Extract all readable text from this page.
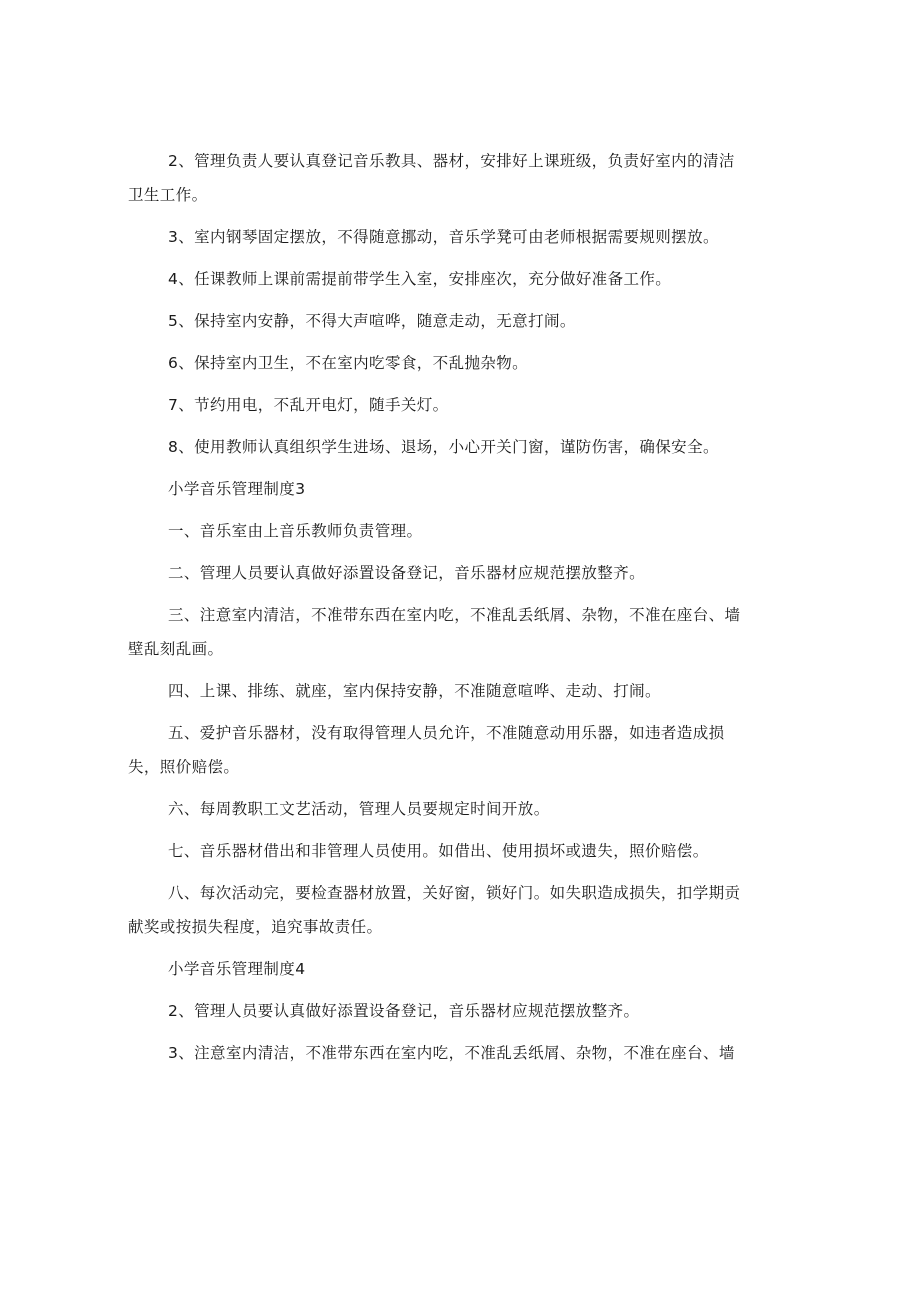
2、管理负责人要认真登记音乐教具、器材，安排好上课班级，负责好室内的清洁
卫生工作。

3、室内钢琴固定摆放，不得随意挪动，音乐学凳可由老师根据需要规则摆放。

4、任课教师上课前需提前带学生入室，安排座次，充分做好准备工作。

5、保持室内安静，不得大声喧哗，随意走动，无意打闹。

6、保持室内卫生，不在室内吃零食，不乱抛杂物。

7、节约用电，不乱开电灯，随手关灯。

8、使用教师认真组织学生进场、退场，小心开关门窗，谨防伤害，确保安全。

小学音乐管理制度3

一、音乐室由上音乐教师负责管理。

二、管理人员要认真做好添置设备登记，音乐器材应规范摆放整齐。

三、注意室内清洁，不准带东西在室内吃，不准乱丢纸屑、杂物，不准在座台、墙
壁乱刻乱画。

四、上课、排练、就座，室内保持安静，不准随意喧哗、走动、打闹。

五、爱护音乐器材，没有取得管理人员允许，不准随意动用乐器，如违者造成损
失，照价赔偿。

六、每周教职工文艺活动，管理人员要规定时间开放。

七、音乐器材借出和非管理人员使用。如借出、使用损坏或遗失，照价赔偿。

八、每次活动完，要检查器材放置，关好窗，锁好门。如失职造成损失，扣学期贡
献奖或按损失程度，追究事故责任。

小学音乐管理制度4

2、管理人员要认真做好添置设备登记，音乐器材应规范摆放整齐。

3、注意室内清洁，不准带东西在室内吃，不准乱丢纸屑、杂物，不准在座台、墙
